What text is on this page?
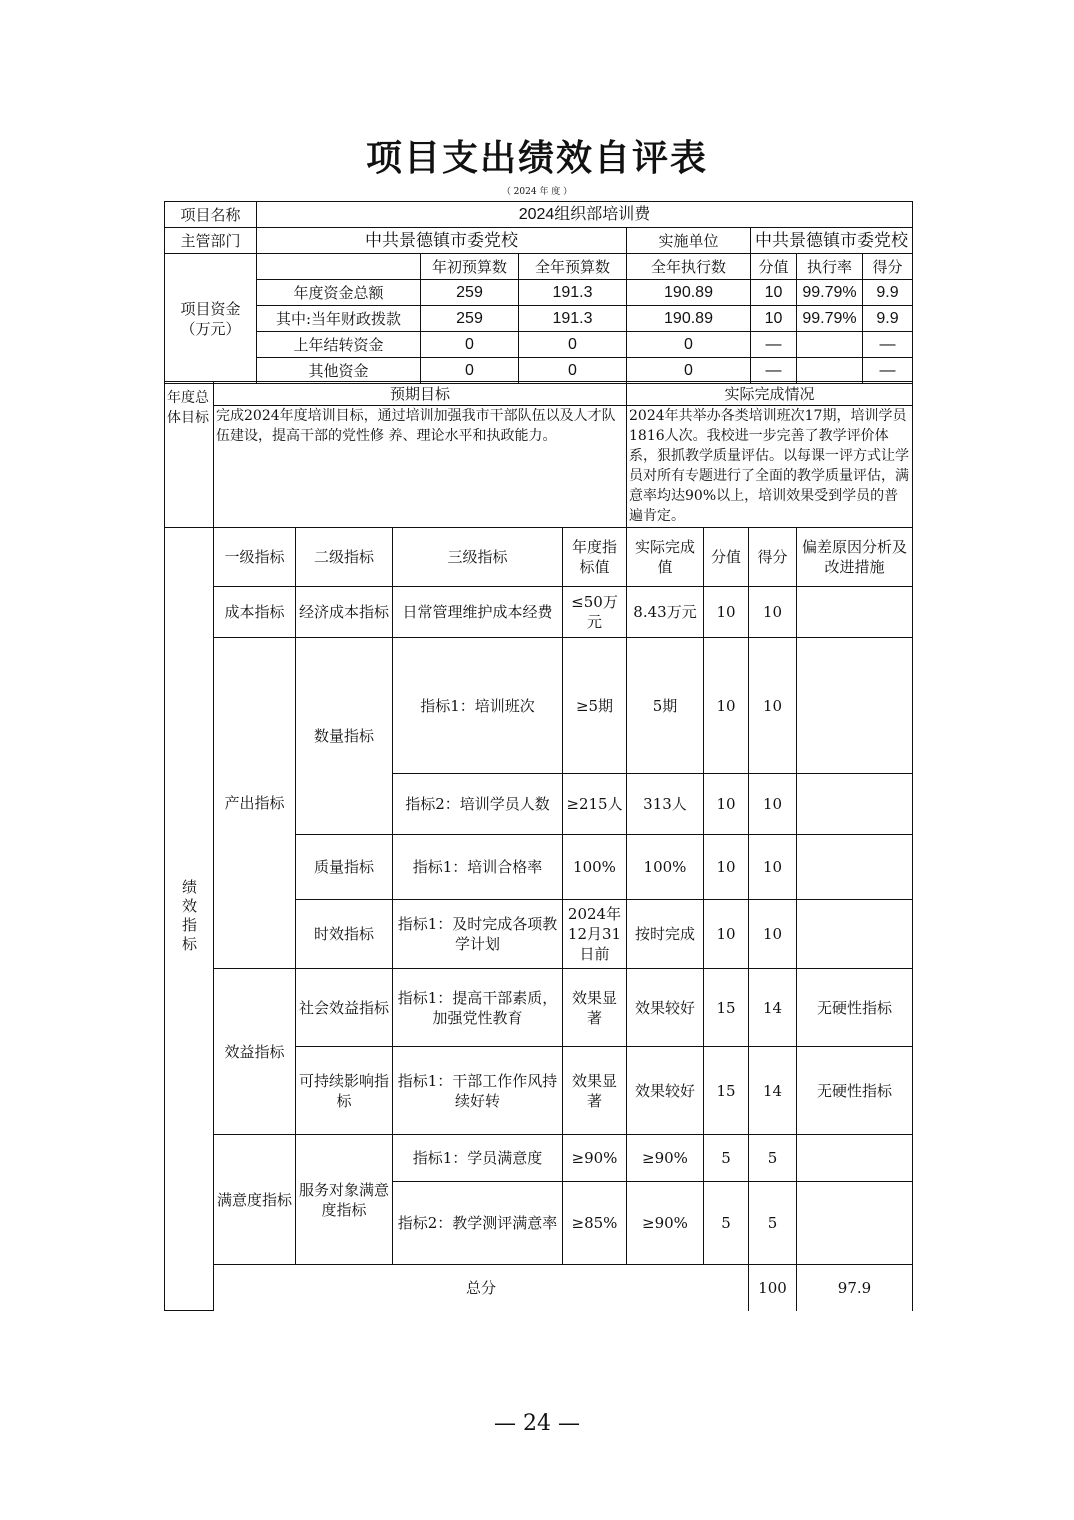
项目支出绩效自评表
（ 2024 年 度 ）
项目名称	2024组织部培训费						
主管部门	中共景德镇市委党校			实施单位	中共景德镇市委党校		
项目资金（万元）		年初预算数	全年预算数	全年执行数	分值	执行率	得分
	年度资金总额	259	191.3	190.89	10	99.79%	9.9
	其中:当年财政拨款	259	191.3	190.89	10	99.79%	9.9
	上年结转资金	0	0	0	—		—
	其他资金	0	0	0	—		—
年度总体目标	预期目标	实际完成情况
	完成2024年度培训目标，通过培训加强我市干部队伍以及人才队伍建设，提高干部的党性修 养、理论水平和执政能力。	2024年共举办各类培训班次17期，培训学员1816人次。我校进一步完善了教学评价体系，狠抓教学质量评估。以每课一评方式让学员对所有专题进行了全面的教学质量评估，满意率均达90%以上，培训效果受到学员的普遍肯定。
绩效指标	一级指标	二级指标	三级指标	年度指标值	实际完成值	分值	得分	偏差原因分析及改进措施	
	成本指标	经济成本指标	日常管理维护成本经费	≤50万元	8.43万元	10	10		
	产出指标	数量指标	指标1：培训班次	≥5期	5期	10	10		
			指标2：培训学员人数	≥215人	313人	10	10		
		质量指标	指标1：培训合格率	100%	100%	10	10		
		时效指标	指标1：及时完成各项教学计划	2024年12月31日前	按时完成	10	10		
	效益指标	社会效益指标	指标1：提高干部素质，加强党性教育	效果显著	效果较好	15	14	无硬性指标	
		可持续影响指标	指标1：干部工作作风持续好转	效果显著	效果较好	15	14	无硬性指标	
	满意度指标	服务对象满意度指标	指标1：学员满意度	≥90%	≥90%	5	5		
			指标2：教学测评满意率	≥85%	≥90%	5	5		
	总分						100	97.9	
— 24 —
